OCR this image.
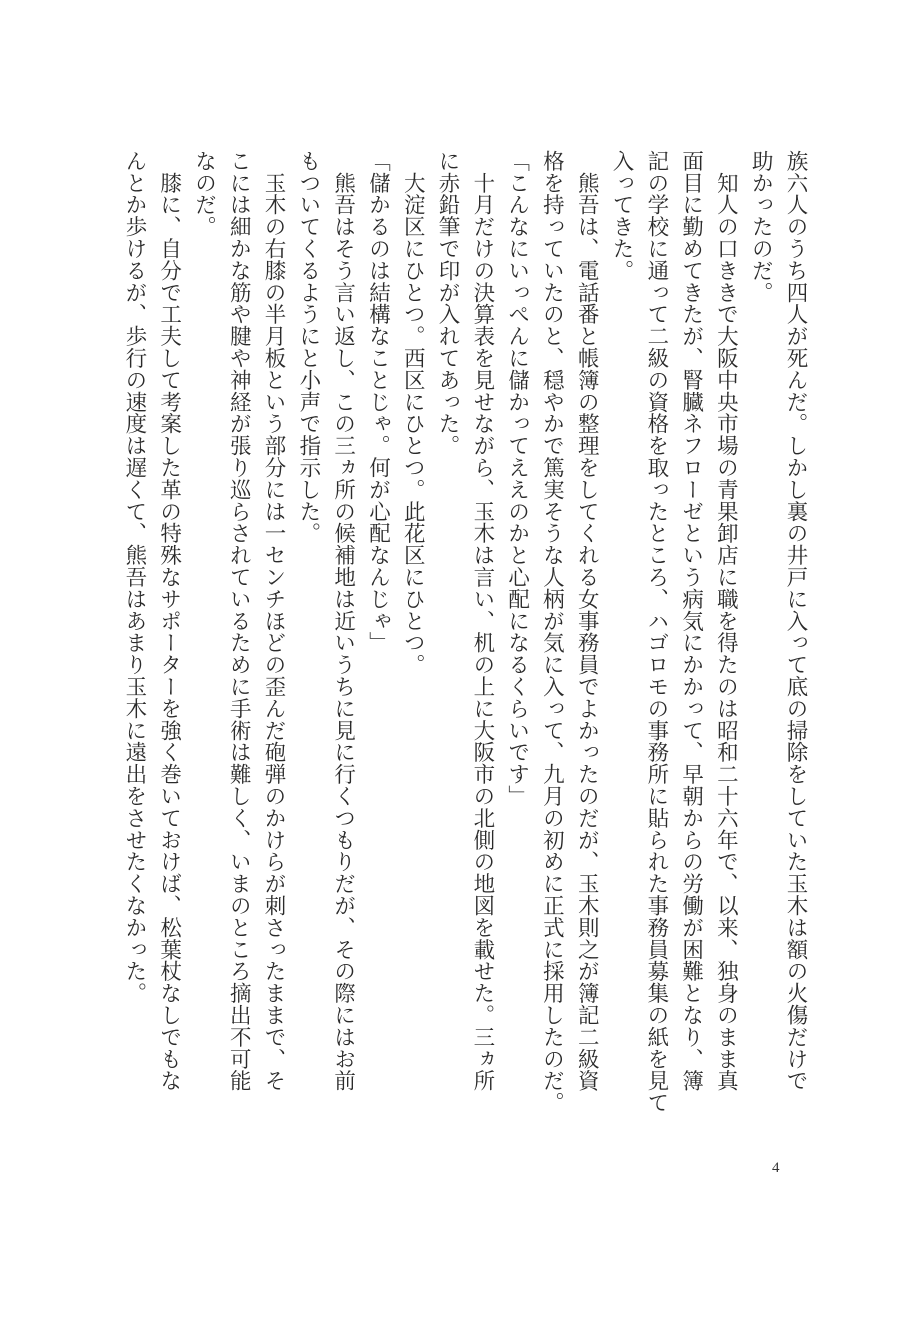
族六人のうち四人が死んだ。しかし裏の井戸に入って底の掃除をしていた玉木は額の火傷だけで
助かったのだ。
　知人の口ききで大阪中央市場の青果卸店に職を得たのは昭和二十六年で、以来、独身のまま真
面目に勤めてきたが、腎臓ネフローゼという病気にかかって、早朝からの労働が困難となり、簿
記の学校に通って二級の資格を取ったところ、ハゴロモの事務所に貼られた事務員募集の紙を見て
入ってきた。
　熊吾は、電話番と帳簿の整理をしてくれる女事務員でよかったのだが、玉木則之が簿記二級資
格を持っていたのと、穏やかで篤実そうな人柄が気に入って、九月の初めに正式に採用したのだ。
「こんなにいっぺんに儲かってええのかと心配になるくらいです」
　十月だけの決算表を見せながら、玉木は言い、机の上に大阪市の北側の地図を載せた。三ヵ所
に赤鉛筆で印が入れてあった。
　大淀区にひとつ。西区にひとつ。此花区にひとつ。
「儲かるのは結構なことじゃ。何が心配なんじゃ」
　熊吾はそう言い返し、この三ヵ所の候補地は近いうちに見に行くつもりだが、その際にはお前
もついてくるようにと小声で指示した。
　玉木の右膝の半月板という部分には一センチほどの歪んだ砲弾のかけらが刺さったままで、そ
こには細かな筋や腱や神経が張り巡らされているために手術は難しく、いまのところ摘出不可能
なのだ。
　膝に、自分で工夫して考案した革の特殊なサポーターを強く巻いておけば、松葉杖なしでもな
んとか歩けるが、歩行の速度は遅くて、熊吾はあまり玉木に遠出をさせたくなかった。
4
